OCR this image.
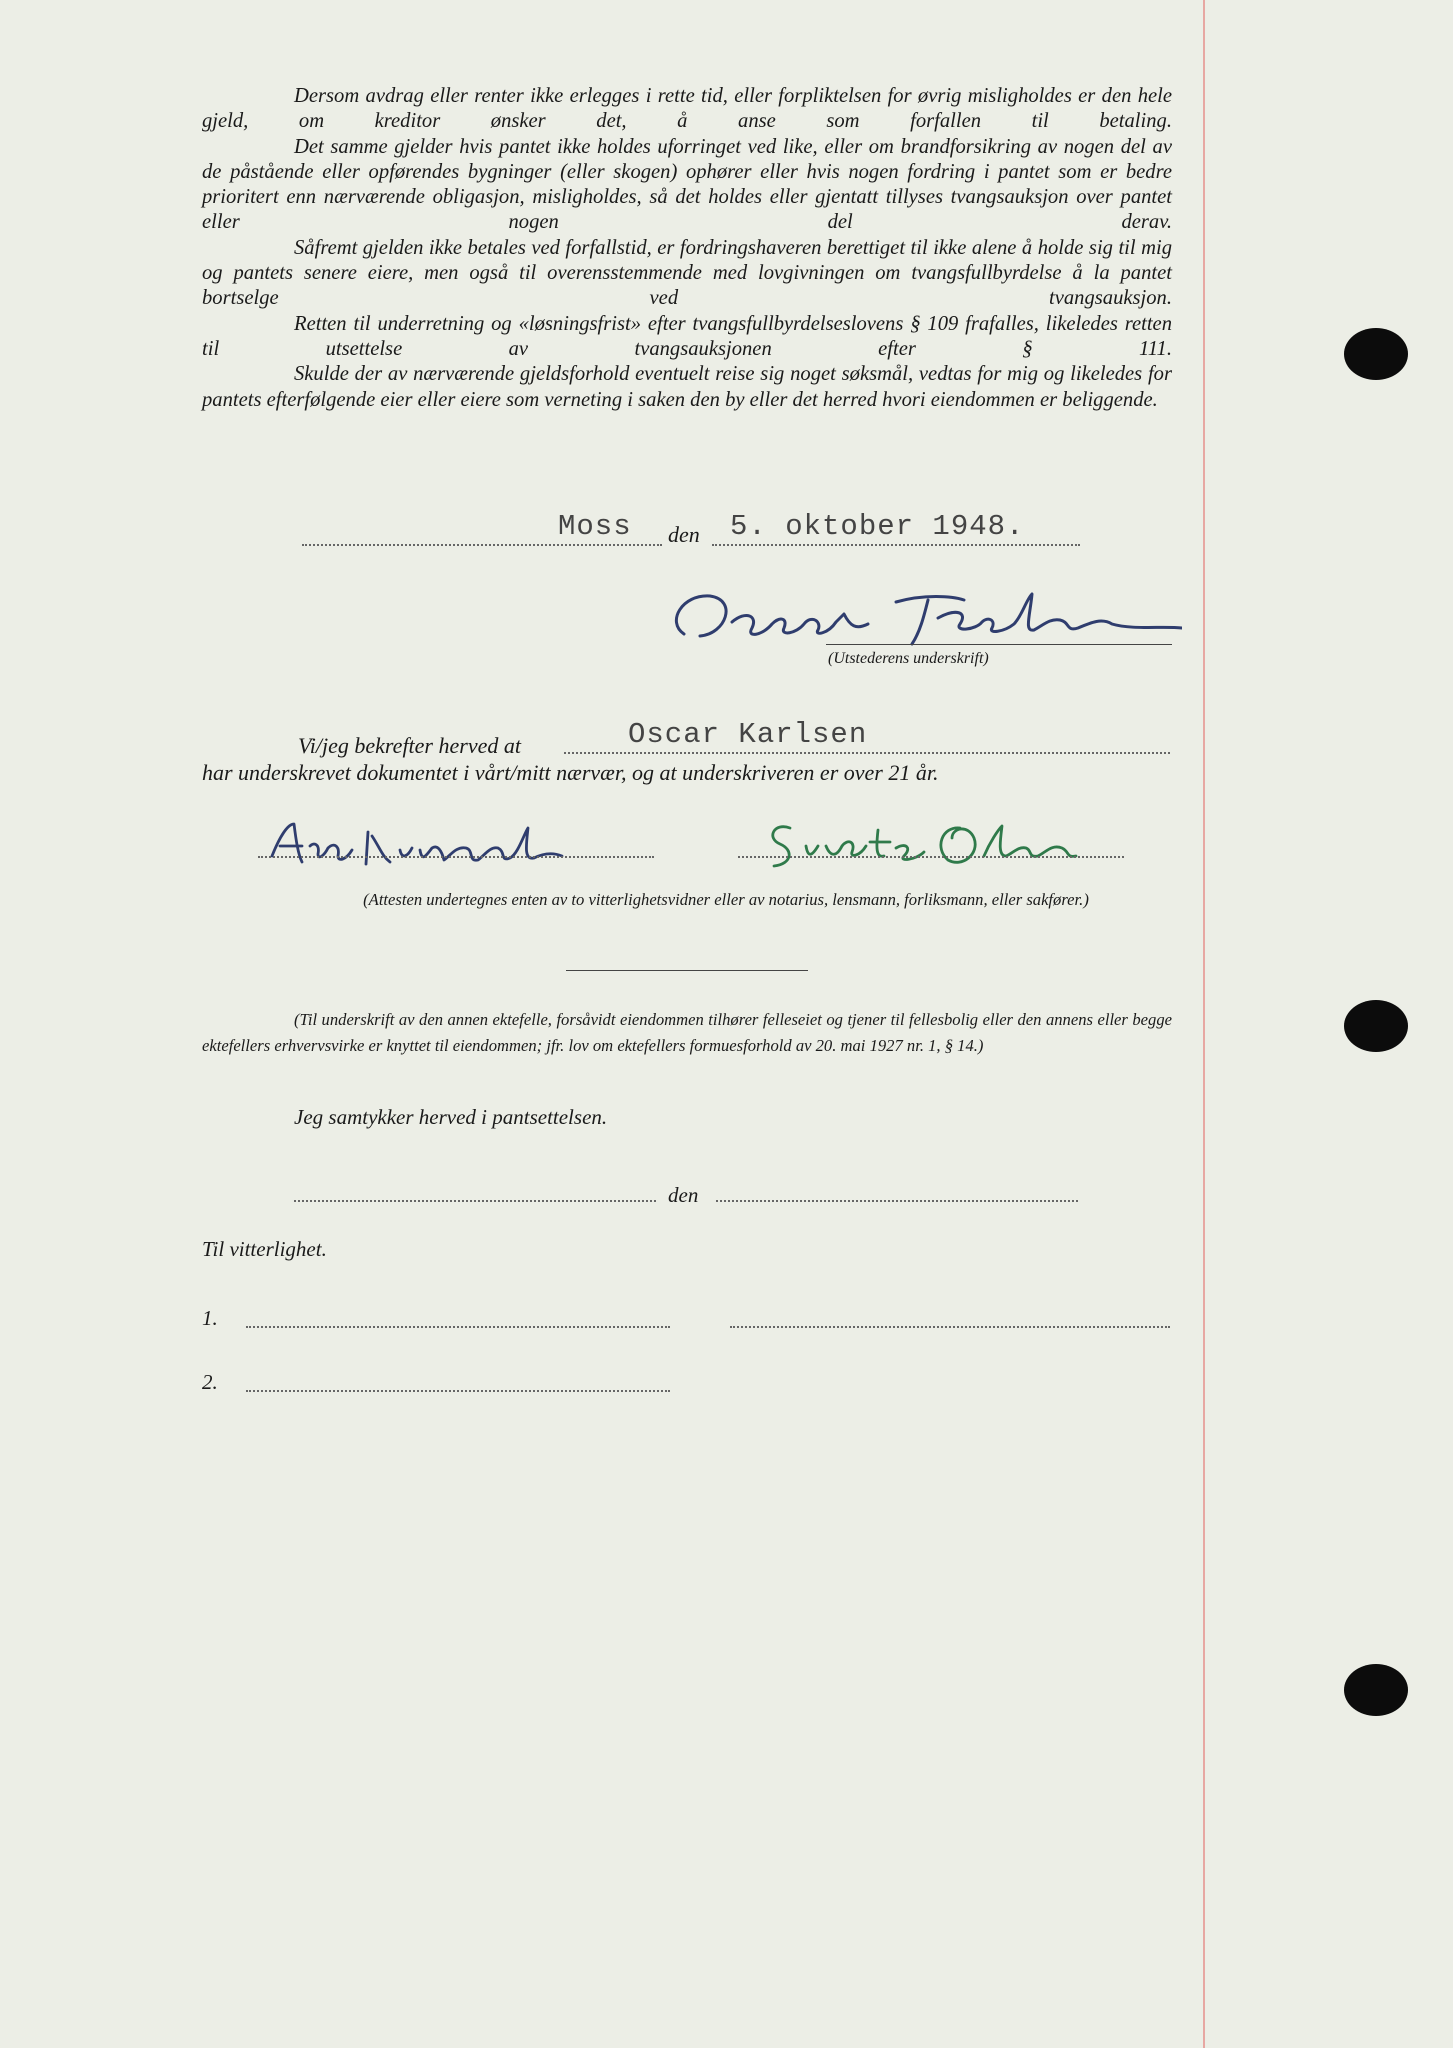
Dersom avdrag eller renter ikke erlegges i rette tid, eller forpliktelsen for øvrig misligholdes er den hele gjeld, om kreditor ønsker det, å anse som forfallen til betaling.

Det samme gjelder hvis pantet ikke holdes uforringet ved like, eller om brandforsikring av nogen del av de påstående eller opførendes bygninger (eller skogen) ophører eller hvis nogen fordring i pantet som er bedre prioritert enn nærværende obligasjon, misligholdes, så det holdes eller gjentatt tillyses tvangsauksjon over pantet eller nogen del derav.

Såfremt gjelden ikke betales ved forfallstid, er fordringshaveren berettiget til ikke alene å holde sig til mig og pantets senere eiere, men også til overensstemmende med lovgivningen om tvangsfullbyrdelse å la pantet bortselge ved tvangsauksjon.

Retten til underretning og «løsningsfrist» efter tvangsfullbyrdelseslovens § 109 frafalles, likeledes retten til utsettelse av tvangsauksjonen efter § 111.

Skulde der av nærværende gjeldsforhold eventuelt reise sig noget søksmål, vedtas for mig og likeledes for pantets efterfølgende eier eller eiere som verneting i saken den by eller det herred hvori eiendommen er beliggende.

Moss den 5. oktober 1948.
(Utstederens underskrift)
Vi/jeg bekrefter herved at	Oscar Karlsen
har underskrevet dokumentet i vårt/mitt nærvær, og at underskriveren er over 21 år.
(Attesten undertegnes enten av to vitterlighetsvidner eller av notarius, lensmann, forliksmann, eller sakfører.)
(Til underskrift av den annen ektefelle, forsåvidt eiendommen tilhører felleseiet og tjener til fellesbolig eller den annens eller begge ektefellers erhvervsvirke er knyttet til eiendommen; jfr. lov om ektefellers formuesforhold av 20. mai 1927 nr. 1, § 14.)
Jeg samtykker herved i pantsettelsen.
den
Til vitterlighet.
1.
2.
